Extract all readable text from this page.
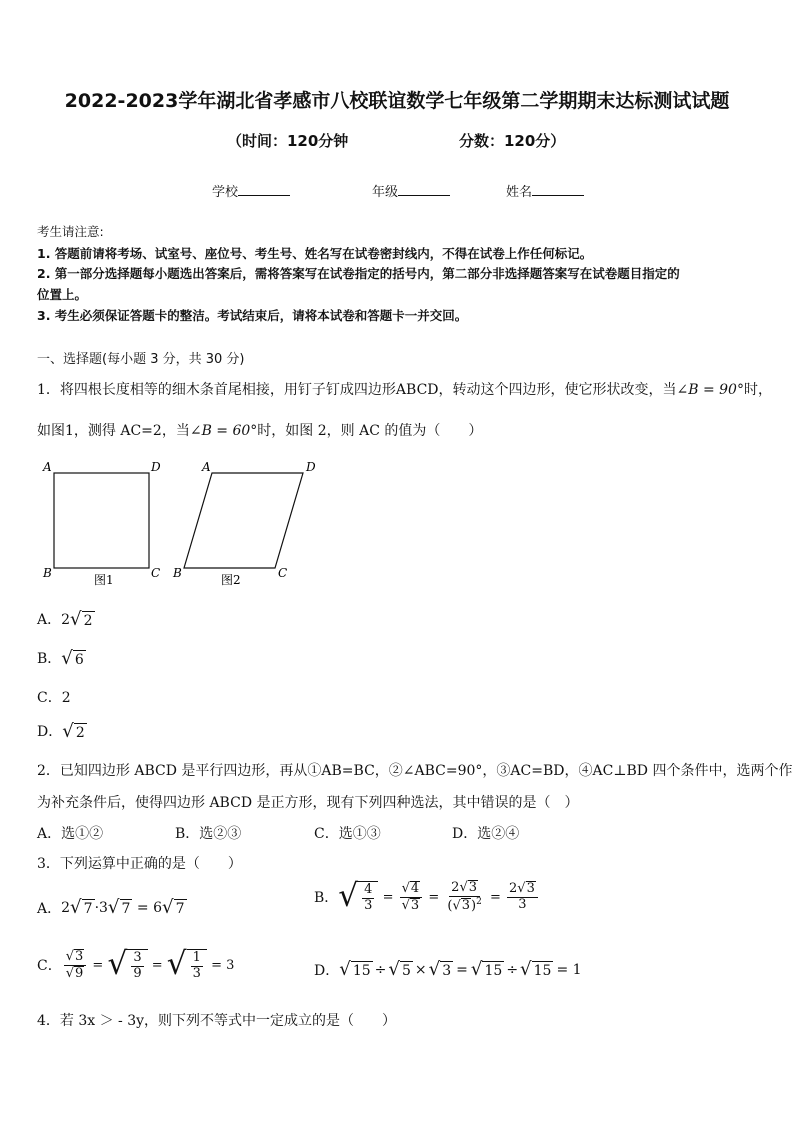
2022-2023学年湖北省孝感市八校联谊数学七年级第二学期期末达标测试试题
（时间：120分钟	分数：120分）
学校	年级	姓名
考生请注意:
1. 答题前请将考场、试室号、座位号、考生号、姓名写在试卷密封线内，不得在试卷上作任何标记。
2. 第一部分选择题每小题选出答案后，需将答案写在试卷指定的括号内，第二部分非选择题答案写在试卷题目指定的
位置上。
3. 考生必须保证答题卡的整洁。考试结束后，请将本试卷和答题卡一并交回。
一、选择题(每小题 3 分，共 30 分)
1．将四根长度相等的细木条首尾相接，用钉子钉成四边形ABCD，转动这个四边形，使它形状改变，当∠B = 90°时，
如图1，测得 AC=2，当∠B = 60°时，如图 2，则 AC 的值为（　　）
A	D
B	C
图1
A	D
B	C
图2
A．2 √ 2
B． √ 6
C．2
D． √ 2
2．已知四边形 ABCD 是平行四边形，再从①AB=BC，②∠ABC=90°，③AC=BD，④AC⊥BD 四个条件中，选两个作
为补充条件后，使得四边形 ABCD 是正方形，现有下列四种选法，其中错误的是（　）
A．选①②	B．选②③	C．选①③	D．选②④
3．下列运算中正确的是（　　）
A． 2 √ 7 ·3 √ 7 = 6 √ 7
B． √ $\frac{4}{3} = \frac{√4}{√3} = \frac{2√3}{(√3)^2} = \frac{2√3}{3}$
C． $\frac{√3}{√9}$ = √ $\frac{3}{9}$ = √ $\frac{1}{3}$
= 3	D． √ 15 ÷ √ 5 × √ 3 = √ 15 ÷ √ 15 = 1
4．若 3x ＞ - 3y，则下列不等式中一定成立的是（　　）
